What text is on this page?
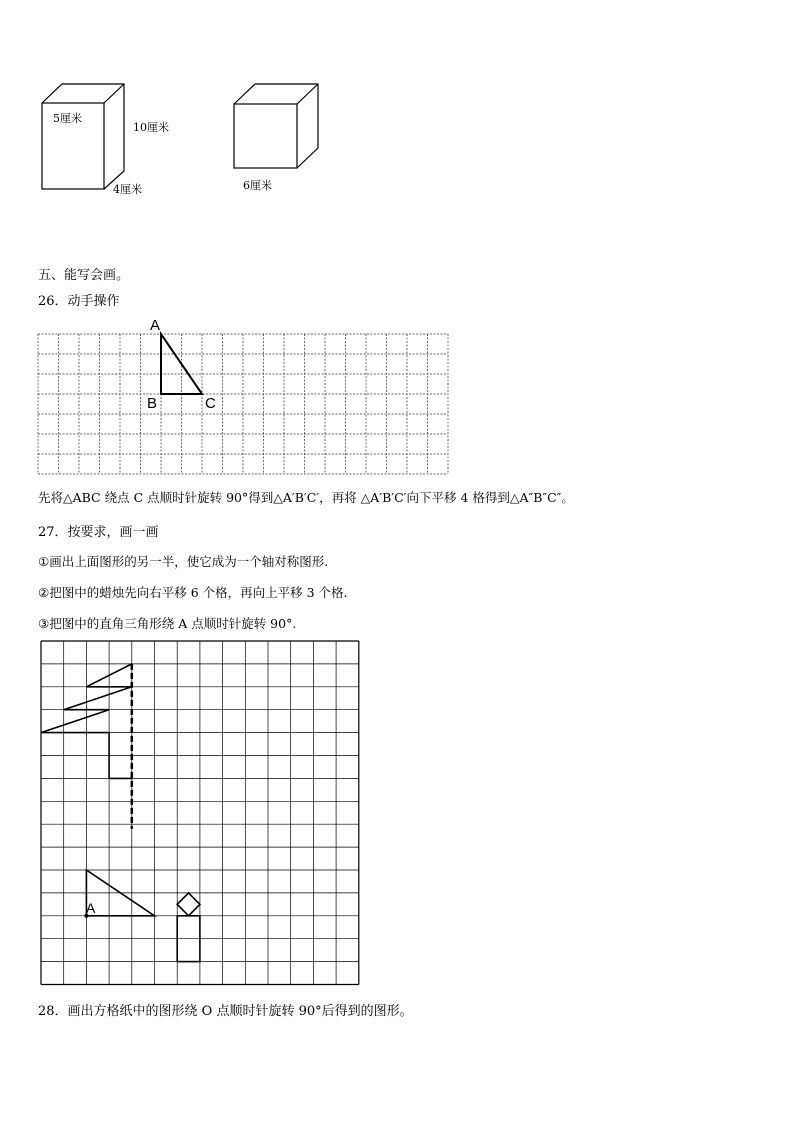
5厘米
10厘米
4厘米	6厘米
五、能写会画。
26．动手操作
A
B	C
先将△ABC 绕点 C 点顺时针旋转 90°得到△A′B′C′，再将 △A′B′C′向下平移 4 格得到△A″B″C″。
27．按要求，画一画
①画出上面图形的另一半，使它成为一个轴对称图形.
②把图中的蜡烛先向右平移 6 个格，再向上平移 3 个格.
③把图中的直角三角形绕 A 点顺时针旋转 90°.
A
28．画出方格纸中的图形绕 O 点顺时针旋转 90°后得到的图形。
